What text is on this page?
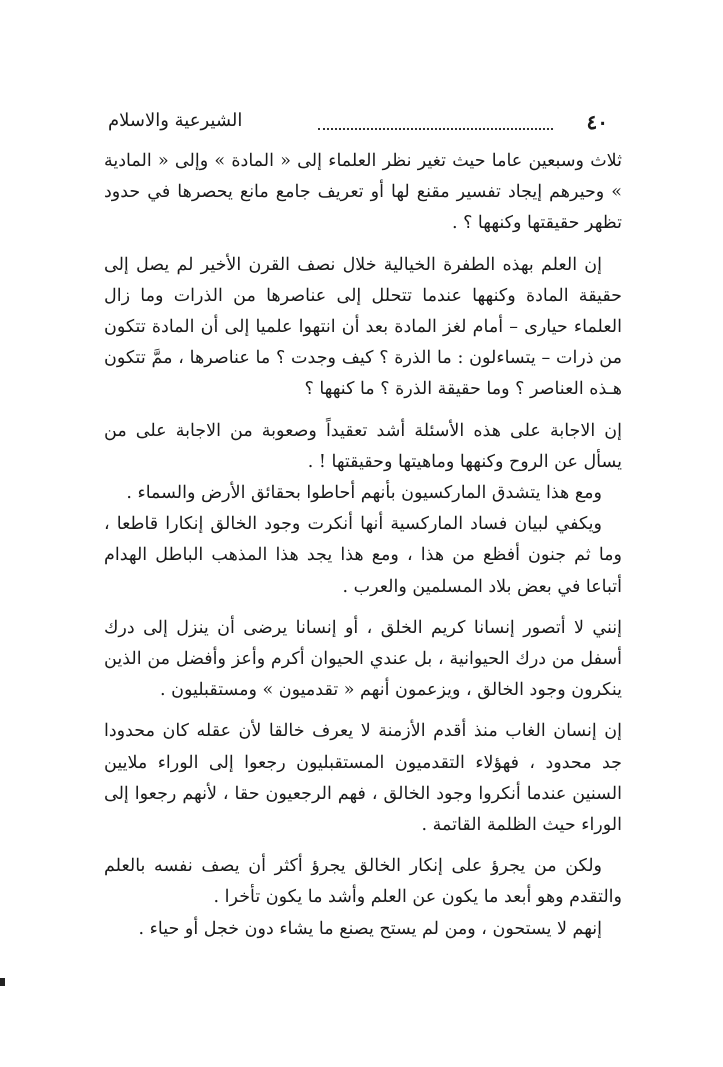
٤٠
الشيرعية والاسلام

ثلاث وسبعين عاما حيث تغير نظر العلماء إلى « المادة » وإلى « المادية » وحيرهم إيجاد تفسير مقنع لها أو تعريف جامع مانع يحصرها في حدود تظهر حقيقتها وكنهها ؟ .

إن العلم بهذه الطفرة الخيالية خلال نصف القرن الأخير لم يصل إلى حقيقة المادة وكنهها عندما تتحلل إلى عناصرها من الذرات وما زال العلماء حيارى – أمام لغز المادة بعد أن انتهوا علميا إلى أن المادة تتكون من ذرات – يتساءلون : ما الذرة ؟ كيف وجدت ؟ ما عناصرها ، ممَّ تتكون هـذه العناصر ؟ وما حقيقة الذرة ؟ ما كنهها ؟

إن الاجابة على هذه الأسئلة أشد تعقيداً وصعوبة من الاجابة على من يسأل عن الروح وكنهها وماهيتها وحقيقتها ! .

ومع هذا يتشدق الماركسيون بأنهم أحاطوا بحقائق الأرض والسماء .

ويكفي لبيان فساد الماركسية أنها أنكرت وجود الخالق إنكارا قاطعا ، وما ثم جنون أفظع من هذا ، ومع هذا يجد هذا المذهب الباطل الهدام أتباعا في بعض بلاد المسلمين والعرب .

إنني لا أتصور إنسانا كريم الخلق ، أو إنسانا يرضى أن ينزل إلى درك أسفل من درك الحيوانية ، بل عندي الحيوان أكرم وأعز وأفضل من الذين ينكرون وجود الخالق ، ويزعمون أنهم « تقدميون » ومستقبليون .

إن إنسان الغاب منذ أقدم الأزمنة لا يعرف خالقا لأن عقله كان محدودا جد محدود ، فهؤلاء التقدميون المستقبليون رجعوا إلى الوراء ملايين السنين عندما أنكروا وجود الخالق ، فهم الرجعيون حقا ، لأنهم رجعوا إلى الوراء حيث الظلمة القاتمة .

ولكن من يجرؤ على إنكار الخالق يجرؤ أكثر أن يصف نفسه بالعلم والتقدم وهو أبعد ما يكون عن العلم وأشد ما يكون تأخرا .

إنهم لا يستحون ، ومن لم يستح يصنع ما يشاء دون خجل أو حياء .
